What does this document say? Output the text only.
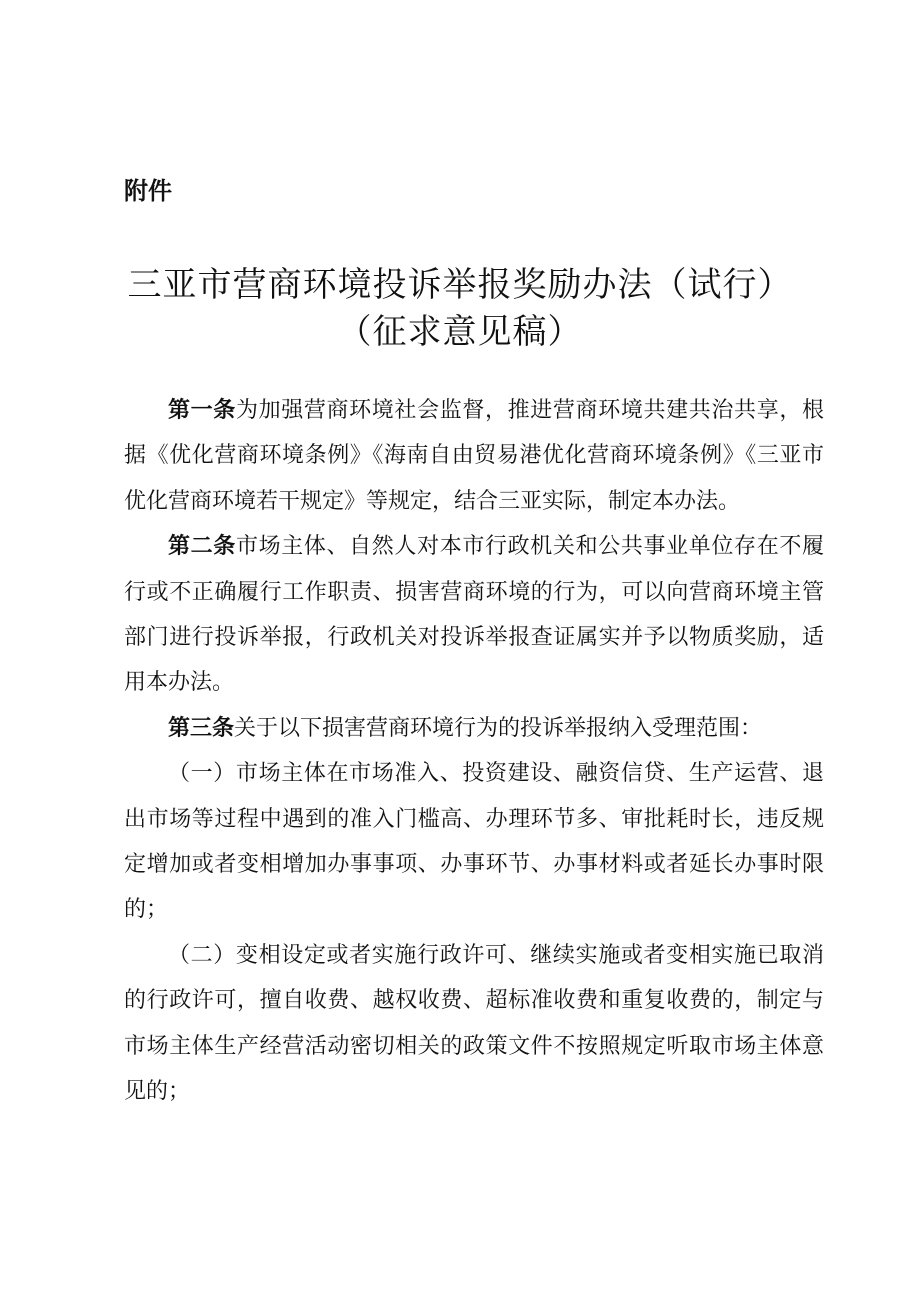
附件

三亚市营商环境投诉举报奖励办法（试行）
（征求意见稿）

第一条为加强营商环境社会监督，推进营商环境共建共治共享，根据《优化营商环境条例》《海南自由贸易港优化营商环境条例》《三亚市优化营商环境若干规定》等规定，结合三亚实际，制定本办法。

第二条市场主体、自然人对本市行政机关和公共事业单位存在不履行或不正确履行工作职责、损害营商环境的行为，可以向营商环境主管部门进行投诉举报，行政机关对投诉举报查证属实并予以物质奖励，适用本办法。

第三条关于以下损害营商环境行为的投诉举报纳入受理范围：

（一）市场主体在市场准入、投资建设、融资信贷、生产运营、退出市场等过程中遇到的准入门槛高、办理环节多、审批耗时长，违反规定增加或者变相增加办事事项、办事环节、办事材料或者延长办事时限的；

（二）变相设定或者实施行政许可、继续实施或者变相实施已取消的行政许可，擅自收费、越权收费、超标准收费和重复收费的，制定与市场主体生产经营活动密切相关的政策文件不按照规定听取市场主体意见的；
